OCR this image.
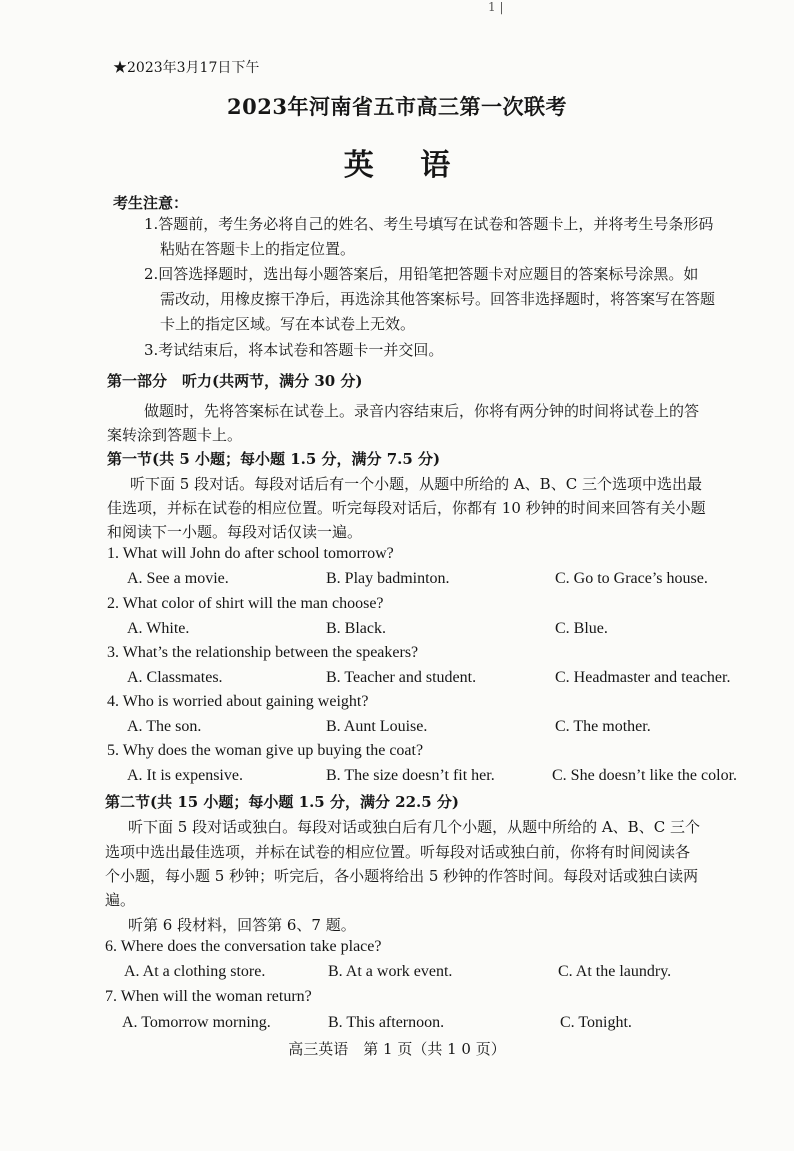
1 |
★2023年3月17日下午
2023年河南省五市高三第一次联考
英 语
考生注意：
1.答题前，考生务必将自己的姓名、考生号填写在试卷和答题卡上，并将考生号条形码
粘贴在答题卡上的指定位置。
2.回答选择题时，选出每小题答案后，用铅笔把答题卡对应题目的答案标号涂黑。如
需改动，用橡皮擦干净后，再选涂其他答案标号。回答非选择题时，将答案写在答题
卡上的指定区域。写在本试卷上无效。
3.考试结束后，将本试卷和答题卡一并交回。
第一部分　听力(共两节，满分 30 分)
做题时，先将答案标在试卷上。录音内容结束后，你将有两分钟的时间将试卷上的答
案转涂到答题卡上。
第一节(共 5 小题；每小题 1.5 分，满分 7.5 分)
听下面 5 段对话。每段对话后有一个小题，从题中所给的 A、B、C 三个选项中选出最
佳选项，并标在试卷的相应位置。听完每段对话后，你都有 10 秒钟的时间来回答有关小题
和阅读下一小题。每段对话仅读一遍。
1. What will John do after school tomorrow?
A. See a movie.	B. Play badminton.	C. Go to Grace’s house.
2. What color of shirt will the man choose?
A. White.	B. Black.	C. Blue.
3. What’s the relationship between the speakers?
A. Classmates.	B. Teacher and student.	C. Headmaster and teacher.
4. Who is worried about gaining weight?
A. The son.	B. Aunt Louise.	C. The mother.
5. Why does the woman give up buying the coat?
A. It is expensive.	B. The size doesn’t fit her.	C. She doesn’t like the color.
第二节(共 15 小题；每小题 1.5 分，满分 22.5 分)
听下面 5 段对话或独白。每段对话或独白后有几个小题，从题中所给的 A、B、C 三个
选项中选出最佳选项，并标在试卷的相应位置。听每段对话或独白前，你将有时间阅读各
个小题，每小题 5 秒钟；听完后，各小题将给出 5 秒钟的作答时间。每段对话或独白读两
遍。
听第 6 段材料，回答第 6、7 题。
6. Where does the conversation take place?
A. At a clothing store.	B. At a work event.	C. At the laundry.
7. When will the woman return?
A. Tomorrow morning.	B. This afternoon.	C. Tonight.
高三英语　第 1 页（共 1 0 页）
